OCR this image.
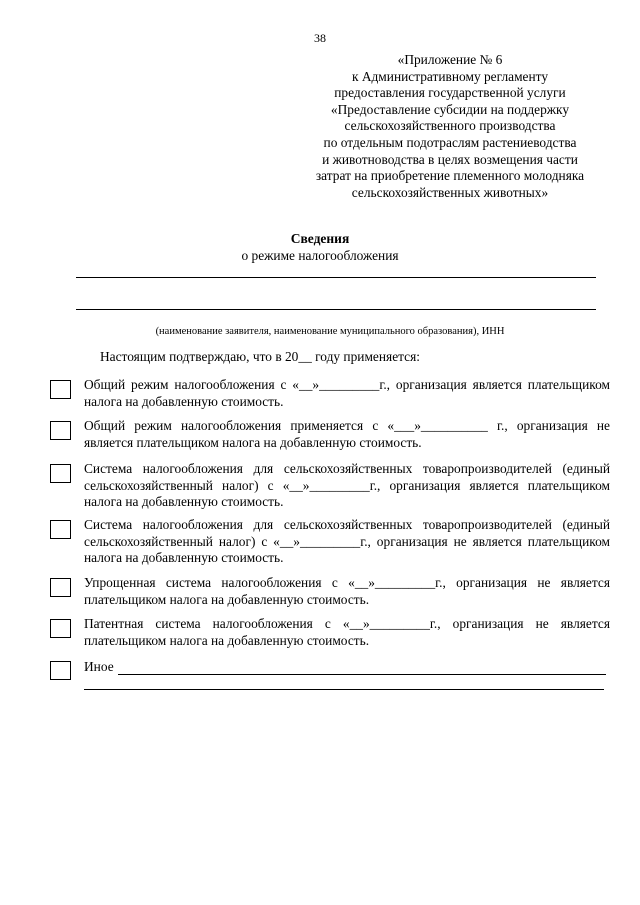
38
«Приложение № 6
к Административному регламенту
предоставления государственной услуги
«Предоставление субсидии на поддержку
сельскохозяйственного производства
по отдельным подотраслям растениеводства
и животноводства в целях возмещения части
затрат на приобретение племенного молодняка
сельскохозяйственных животных»
Сведения
о режиме налогообложения
(наименование заявителя, наименование муниципального образования), ИНН
Настоящим подтверждаю, что в 20__ году применяется:
Общий режим налогообложения с «__»_________г., организация является плательщиком налога на добавленную стоимость.
Общий режим налогообложения применяется с «___»__________ г., организация не является плательщиком налога на добавленную стоимость.
Система налогообложения для сельскохозяйственных товаропроизводителей (единый сельскохозяйственный налог) с «__»_________г., организация является плательщиком налога на добавленную стоимость.
Система налогообложения для сельскохозяйственных товаропроизводителей (единый сельскохозяйственный налог) с «__»_________г., организация не является плательщиком налога на добавленную стоимость.
Упрощенная система налогообложения с «__»_________г., организация не является плательщиком налога на добавленную стоимость.
Патентная система налогообложения с «__»_________г., организация не является плательщиком налога на добавленную стоимость.
Иное
